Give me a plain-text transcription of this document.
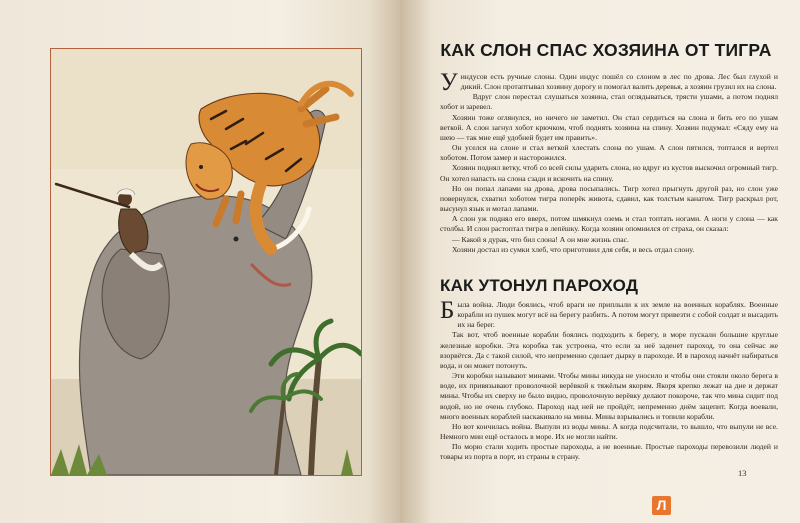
КАК СЛОН СПАС ХОЗЯИНА ОТ ТИГРА

Уиндусов есть ручные слоны. Один индус пошёл со слоном в лес по дрова. Лес был глухой и дикий. Слон протаптывал хозяину дорогу и помогал валить деревья, а хозяин грузил их на слона.

Вдруг слон перестал слушаться хозяина, стал оглядываться, трясти ушами, а потом поднял хобот и заревел.

Хозяин тоже оглянулся, но ничего не заметил. Он стал сердиться на слона и бить его по ушам веткой. А слон загнул хобот крючком, чтоб поднять хозяина на спину. Хозяин подумал: «Сяду ему на шею — так мне ещё удобней будет им править».

Он уселся на слоне и стал веткой хлестать слона по ушам. А слон пятился, топтался и вертел хоботом. Потом замер и насторожился.

Хозяин поднял ветку, чтоб со всей силы ударить слона, но вдруг из кустов выскочил огромный тигр. Он хотел напасть на слона сзади и вскочить на спину.

Но он попал лапами на дрова, дрова посыпались. Тигр хотел прыгнуть другой раз, но слон уже повернулся, схватил хоботом тигра поперёк живота, сдавил, как толстым канатом. Тигр раскрыл рот, высунул язык и мотал лапами.

А слон уж поднял его вверх, потом шмякнул оземь и стал топтать ногами. А ноги у слона — как столбы. И слон растоптал тигра в лепёшку. Когда хозяин опомнился от страха, он сказал:

— Какой я дурак, что бил слона! А он мне жизнь спас.

Хозяин достал из сумки хлеб, что приготовил для себя, и весь отдал слону.

КАК УТОНУЛ ПАРОХОД

Была война. Люди боялись, чтоб враги не приплыли к их земле на военных кораблях. Военные корабли из пушек могут всё на берегу разбить. А потом могут привезти с собой солдат и высадить их на берег.

Так вот, чтоб военные корабли боялись подходить к берегу, в море пускали большие круглые железные коробки. Эта коробка так устроена, что если за неё заденет пароход, то она сейчас же взорвётся. Да с такой силой, что непременно сделает дырку в пароходе. И в пароход начнёт набираться вода, и он может потонуть.

Эти коробки называют минами. Чтобы мины никуда не уносило и чтобы они стояли около берега в воде, их привязывают проволочной верёвкой к тяжёлым якорям. Якоря крепко лежат на дне и держат мины. Чтобы их сверху не было видно, проволочную верёвку делают покороче, так что мина сидит под водой, но не очень глубоко. Пароход над ней не пройдёт, непременно днём зацепит. Когда воевали, много военных кораблей наскакивало на мины. Мины взрывались и топили корабли.

Но вот кончилась война. Выпули из воды мины. А когда подсчитали, то вышло, что выпули не все. Немного мин ещё осталось в море. Их не могли найти.

По морю стали ходить простые пароходы, а не военные. Простые пароходы перевозили людей и товары из порта в порт, из страны в страну.

13
Л
